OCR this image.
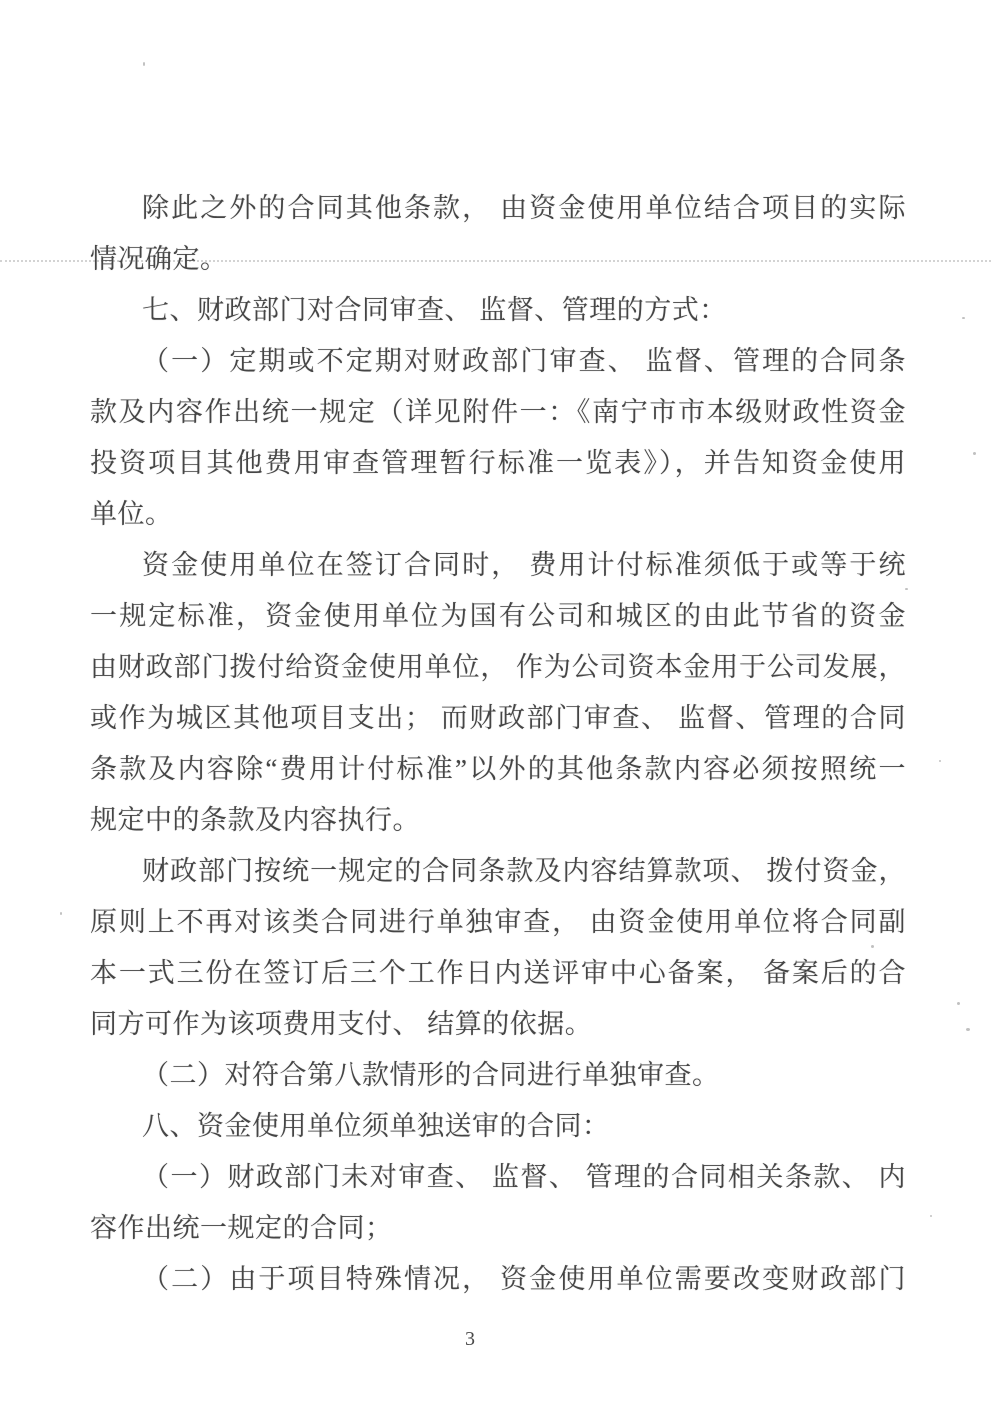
除此之外的合同其他条款， 由资金使用单位结合项目的实际
情况确定。
七、财政部门对合同审查、 监督、管理的方式：
（一）定期或不定期对财政部门审查、 监督、管理的合同条
款及内容作出统一规定（详见附件一：《南宁市市本级财政性资金
投资项目其他费用审查管理暂行标准一览表》），并告知资金使用
单位。
资金使用单位在签订合同时， 费用计付标准须低于或等于统
一规定标准，资金使用单位为国有公司和城区的由此节省的资金
由财政部门拨付给资金使用单位， 作为公司资本金用于公司发展，
或作为城区其他项目支出； 而财政部门审查、 监督、管理的合同
条款及内容除“费用计付标准”以外的其他条款内容必须按照统一
规定中的条款及内容执行。
财政部门按统一规定的合同条款及内容结算款项、 拨付资金，
原则上不再对该类合同进行单独审查， 由资金使用单位将合同副
本一式三份在签订后三个工作日内送评审中心备案， 备案后的合
同方可作为该项费用支付、 结算的依据。
（二）对符合第八款情形的合同进行单独审查。
八、资金使用单位须单独送审的合同：
（一）财政部门未对审查、 监督、 管理的合同相关条款、 内
容作出统一规定的合同；
（二）由于项目特殊情况， 资金使用单位需要改变财政部门
3
